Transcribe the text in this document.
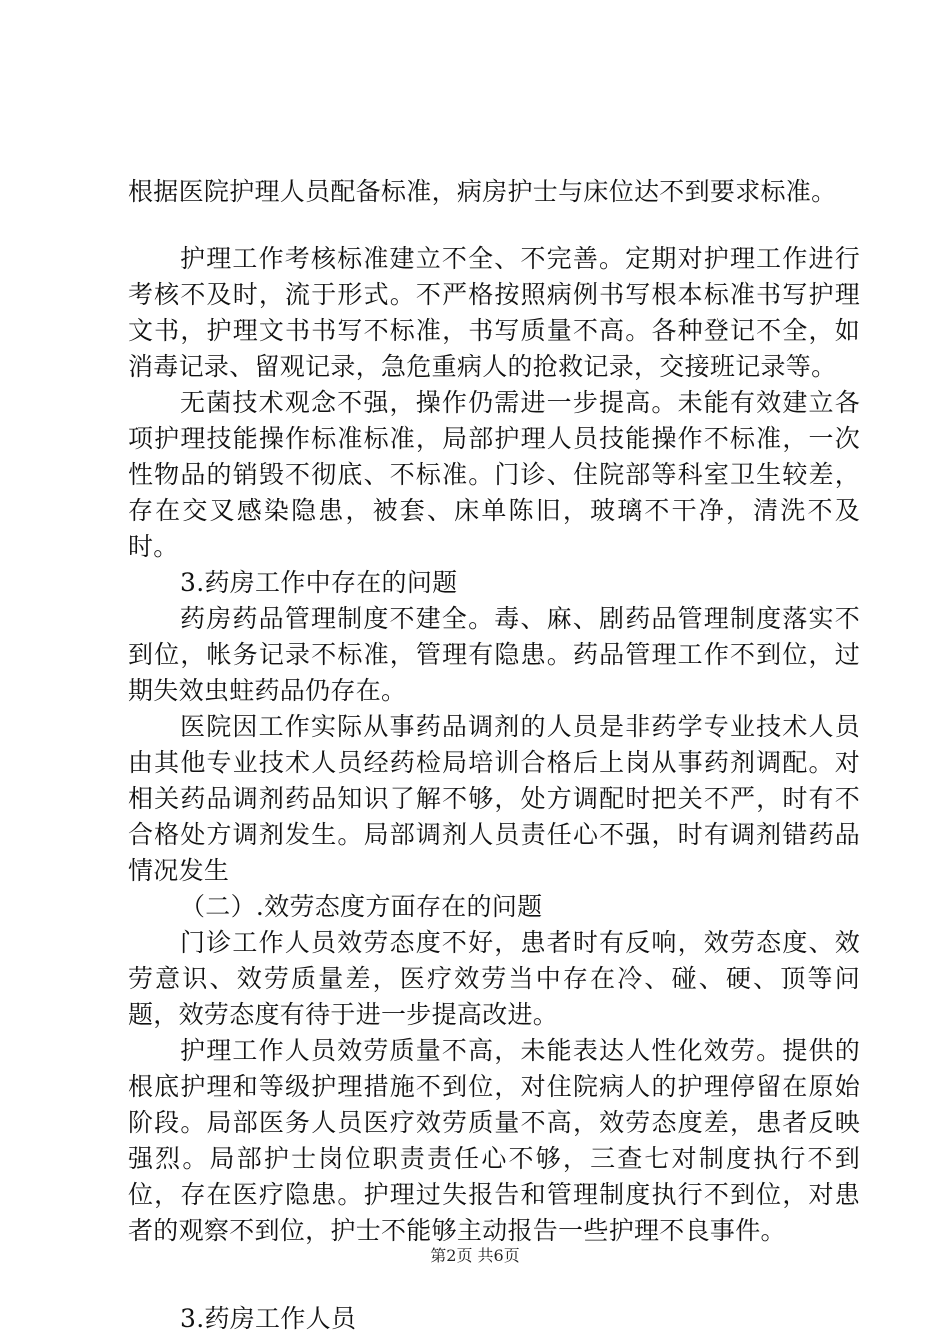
根据医院护理人员配备标准，病房护士与床位达不到要求标准。

护理工作考核标准建立不全、不完善。定期对护理工作进行考核不及时，流于形式。不严格按照病例书写根本标准书写护理文书，护理文书书写不标准，书写质量不高。各种登记不全，如消毒记录、留观记录，急危重病人的抢救记录，交接班记录等。

无菌技术观念不强，操作仍需进一步提高。未能有效建立各项护理技能操作标准标准，局部护理人员技能操作不标准，一次性物品的销毁不彻底、不标准。门诊、住院部等科室卫生较差，存在交叉感染隐患，被套、床单陈旧，玻璃不干净，清洗不及时。

3.药房工作中存在的问题

药房药品管理制度不建全。毒、麻、剧药品管理制度落实不到位，帐务记录不标准，管理有隐患。药品管理工作不到位，过期失效虫蛀药品仍存在。

医院因工作实际从事药品调剂的人员是非药学专业技术人员由其他专业技术人员经药检局培训合格后上岗从事药剂调配。对相关药品调剂药品知识了解不够，处方调配时把关不严，时有不合格处方调剂发生。局部调剂人员责任心不强，时有调剂错药品情况发生

（二）.效劳态度方面存在的问题

门诊工作人员效劳态度不好，患者时有反响，效劳态度、效劳意识、效劳质量差，医疗效劳当中存在冷、碰、硬、顶等问题，效劳态度有待于进一步提高改进。

护理工作人员效劳质量不高，未能表达人性化效劳。提供的根底护理和等级护理措施不到位，对住院病人的护理停留在原始阶段。局部医务人员医疗效劳质量不高，效劳态度差，患者反映强烈。局部护士岗位职责责任心不够，三查七对制度执行不到位，存在医疗隐患。护理过失报告和管理制度执行不到位，对患者的观察不到位，护士不能够主动报告一些护理不良事件。

3.药房工作人员

第2页 共6页
